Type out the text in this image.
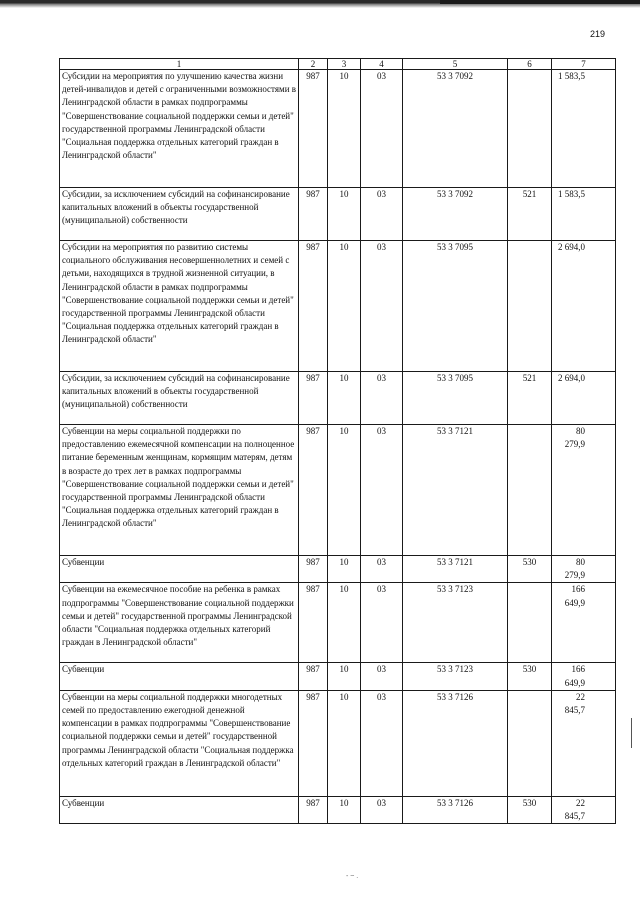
219
1	2	3	4	5	6	7
Субсидии на мероприятия по улучшению качества жизни детей-инвалидов и детей с ограниченными возможностями в Ленинградской области в рамках подпрограммы "Совершенствование социальной поддержки семьи и детей" государственной программы Ленинградской области "Социальная поддержка отдельных категорий граждан в Ленинградской области"	987	10	03	53 3 7092		1 583,5
Субсидии, за исключением субсидий на софинансирование капитальных вложений в объекты государственной (муниципальной) собственности	987	10	03	53 3 7092	521	1 583,5
Субсидии на мероприятия по развитию системы социального обслуживания несовершеннолетних и семей с детьми, находящихся в трудной жизненной ситуации, в Ленинградской области в рамках подпрограммы "Совершенствование социальной поддержки семьи и детей" государственной программы Ленинградской области "Социальная поддержка отдельных категорий граждан в Ленинградской области"	987	10	03	53 3 7095		2 694,0
Субсидии, за исключением субсидий на софинансирование капитальных вложений в объекты государственной (муниципальной) собственности	987	10	03	53 3 7095	521	2 694,0
Субвенции на меры социальной поддержки по предоставлению ежемесячной компенсации на полноценное питание беременным женщинам, кормящим матерям, детям в возрасте до трех лет в рамках подпрограммы "Совершенствование социальной поддержки семьи и детей" государственной программы Ленинградской области "Социальная поддержка отдельных категорий граждан в Ленинградской области"	987	10	03	53 3 7121		80 279,9
Субвенции	987	10	03	53 3 7121	530	80 279,9
Субвенции на ежемесячное пособие на ребенка в рамках подпрограммы "Совершенствование социальной поддержки семьи и детей" государственной программы Ленинградской области "Социальная поддержка отдельных категорий граждан в Ленинградской области"	987	10	03	53 3 7123		166 649,9
Субвенции	987	10	03	53 3 7123	530	166 649,9
Субвенции на меры социальной поддержки многодетных семей по предоставлению ежегодной денежной компенсации в рамках подпрограммы "Совершенствование социальной поддержки семьи и детей" государственной программы Ленинградской области "Социальная поддержка отдельных категорий граждан в Ленинградской области"	987	10	03	53 3 7126		22 845,7
Субвенции	987	10	03	53 3 7126	530	22 845,7
- ~ .
